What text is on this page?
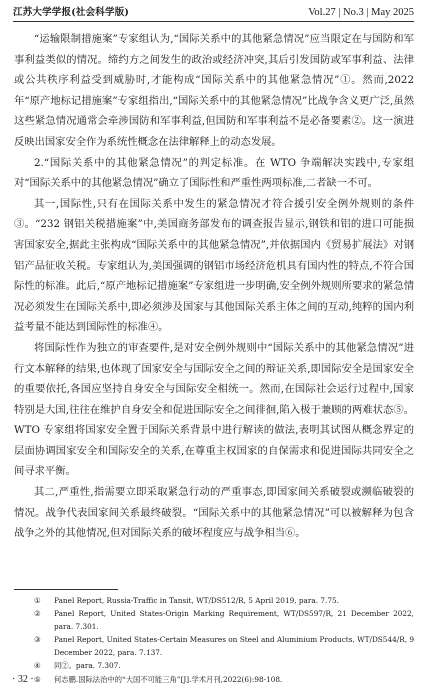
江苏大学学报(社会科学版)	Vol.27 | No.3 | May 2025

“运输限制措施案”专家组认为,“国际关系中的其他紧急情况”应当限定在与国防和军事利益类似的情况。缔约方之间发生的政治或经济冲突,其后引发国防或军事利益、法律或公共秩序利益受到威胁时,才能构成“国际关系中的其他紧急情况”①。然而,2022 年“原产地标记措施案”专家组指出,“国际关系中的其他紧急情况”比战争含义更广泛,虽然这些紧急情况通常会牵涉国防和军事利益,但国防和军事利益不是必备要素②。这一演进反映出国家安全作为系统性概念在法律解释上的动态发展。

2.“国际关系中的其他紧急情况”的判定标准。在 WTO 争端解决实践中,专家组对“国际关系中的其他紧急情况”确立了国际性和严重性两项标准,二者缺一不可。

其一,国际性,只有在国际关系中发生的紧急情况才符合援引安全例外规则的条件③。“232 钢铝关税措施案”中,美国商务部发布的调查报告显示,钢铁和铝的进口可能损害国家安全,据此主张构成“国际关系中的其他紧急情况”,并依据国内《贸易扩展法》对钢铝产品征收关税。专家组认为,美国强调的钢铝市场经济危机具有国内性的特点,不符合国际性的标准。此后,“原产地标记措施案”专家组进一步明确,安全例外规则所要求的紧急情况必须发生在国际关系中,即必须涉及国家与其他国际关系主体之间的互动,纯粹的国内利益考量不能达到国际性的标准④。

将国际性作为独立的审查要件,是对安全例外规则中“国际关系中的其他紧急情况”进行文本解释的结果,也体现了国家安全与国际安全之间的辩证关系,即国际安全是国家安全的重要依托,各国应坚持自身安全与国际安全相统一。然而,在国际社会运行过程中,国家特别是大国,往往在维护自身安全和促进国际安全之间徘徊,陷入极于兼顾的两难状态⑤。WTO 专家组将国家安全置于国际关系背景中进行解读的做法,表明其试图从概念界定的层面协调国家安全和国际安全的关系,在尊重主权国家的自保需求和促进国际共同安全之间寻求平衡。

其二,严重性,指需要立即采取紧急行动的严重事态,即国家间关系破裂或濒临破裂的情况。战争代表国家间关系最终破裂。“国际关系中的其他紧急情况”可以被解释为包含战争之外的其他情况,但对国际关系的破坏程度应与战争相当⑥。

① Panel Report, Russia-Traffic in Tansit, WT/DS512/R, 5 April 2019, para. 7.75.

② Panel Report, United States-Origin Marking Requirement, WT/DS597/R, 21 December 2022, para. 7.301.

③ Panel Report, United States-Certain Measures on Steel and Aluminium Products, WT/DS544/R, 9 December 2022, para. 7.137.

④ 同②。para. 7.307.

⑤ 何志鹏.国际法治中的“大国不可能三角”[J].学术月刊,2022(6):98-108.

· 32 ·
